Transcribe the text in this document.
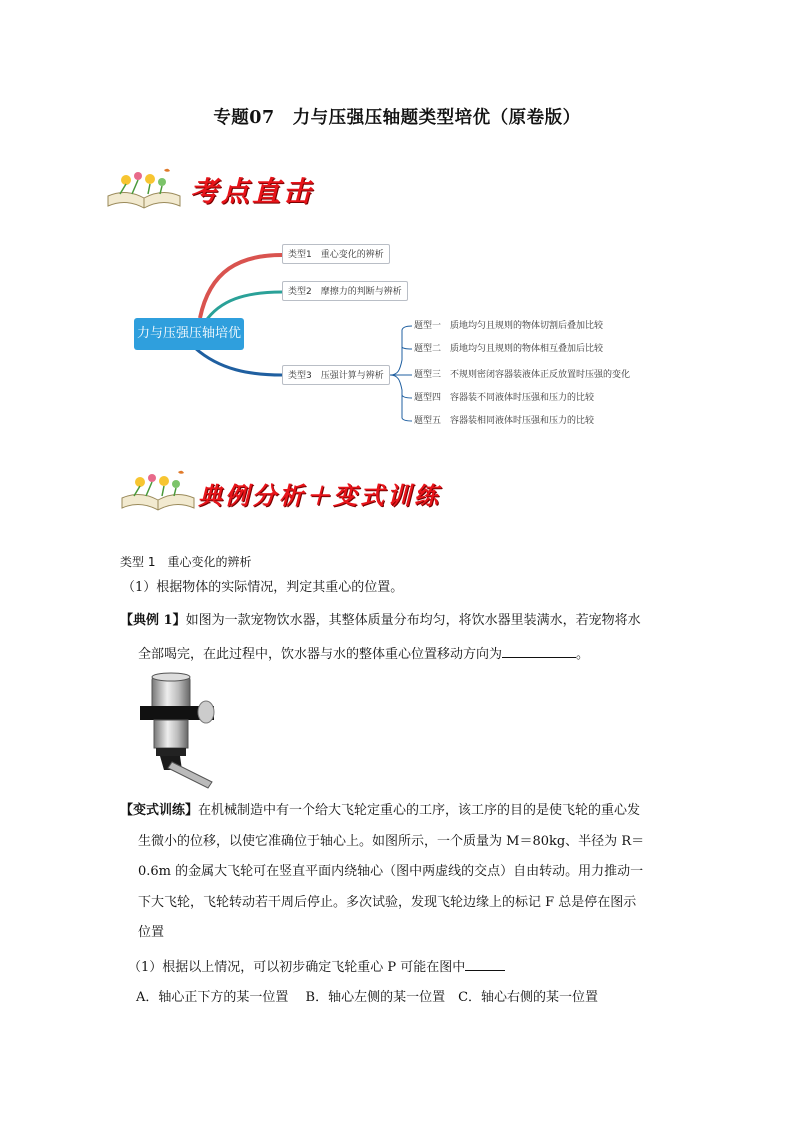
专题07　力与压强压轴题类型培优（原卷版）
考点直击
力与压强压轴培优
类型1　重心变化的辨析
类型2　摩擦力的判断与辨析
类型3　压强计算与辨析
题型一　质地均匀且规则的物体切割后叠加比较
题型二　质地均匀且规则的物体相互叠加后比较
题型三　不规则密闭容器装液体正反放置时压强的变化
题型四　容器装不同液体时压强和压力的比较
题型五　容器装相同液体时压强和压力的比较
典例分析＋变式训练
类型 1　重心变化的辨析
（1）根据物体的实际情况，判定其重心的位置。
【典例 1】如图为一款宠物饮水器，其整体质量分布均匀，将饮水器里装满水，若宠物将水
全部喝完，在此过程中，饮水器与水的整体重心位置移动方向为	。
【变式训练】在机械制造中有一个给大飞轮定重心的工序，该工序的目的是使飞轮的重心发
生微小的位移，以使它准确位于轴心上。如图所示，一个质量为 M＝80kg、半径为 R＝
0.6m 的金属大飞轮可在竖直平面内绕轴心（图中两虚线的交点）自由转动。用力推动一
下大飞轮，飞轮转动若干周后停止。多次试验，发现飞轮边缘上的标记 F 总是停在图示
位置
（1）根据以上情况，可以初步确定飞轮重心 P 可能在图中
A．轴心正下方的某一位置　 B．轴心左侧的某一位置　C．轴心右侧的某一位置
